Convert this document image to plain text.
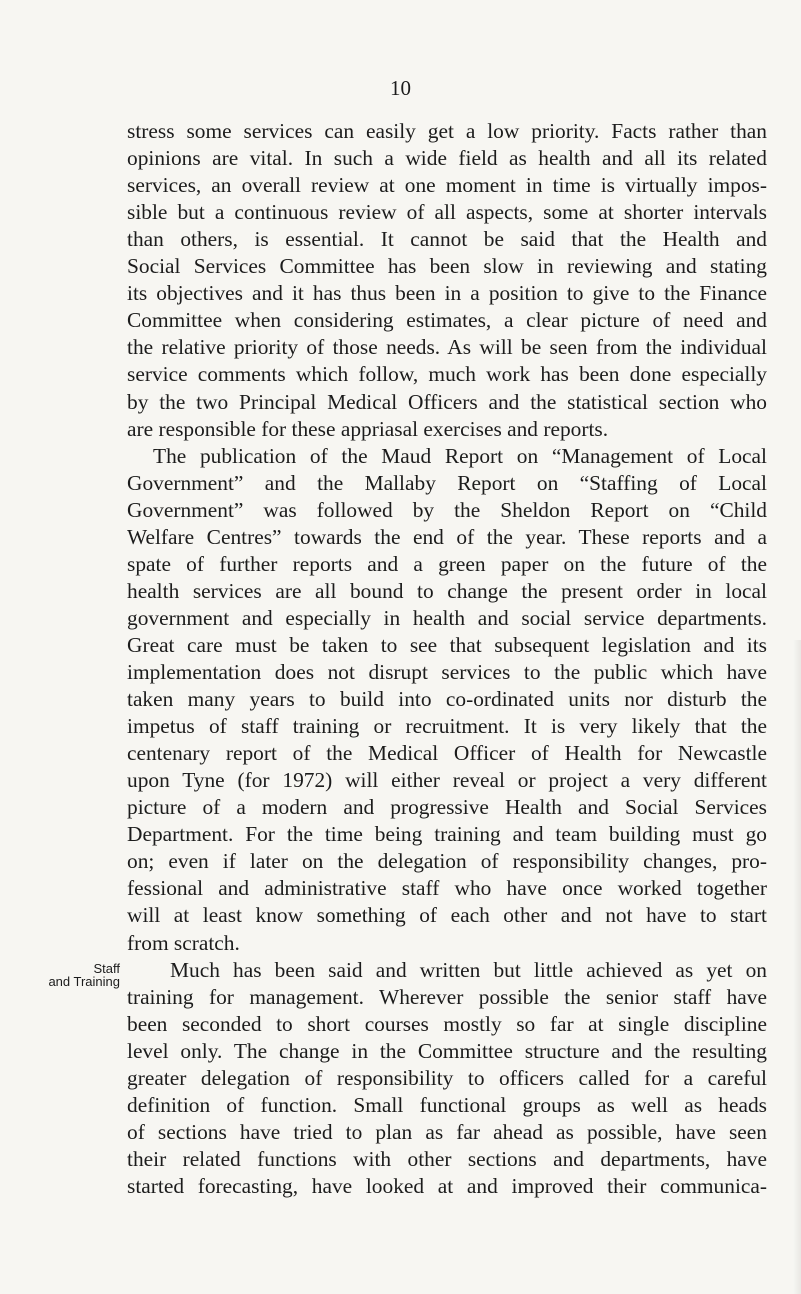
10
stress some services can easily get a low priority. Facts rather than
opinions are vital. In such a wide field as health and all its related
services, an overall review at one moment in time is virtually impos-
sible but a continuous review of all aspects, some at shorter intervals
than others, is essential. It cannot be said that the Health and
Social Services Committee has been slow in reviewing and stating
its objectives and it has thus been in a position to give to the Finance
Committee when considering estimates, a clear picture of need and
the relative priority of those needs. As will be seen from the individual
service comments which follow, much work has been done especially
by the two Principal Medical Officers and the statistical section who
are responsible for these appriasal exercises and reports.
The publication of the Maud Report on “Management of Local
Government” and the Mallaby Report on “Staffing of Local
Government” was followed by the Sheldon Report on “Child
Welfare Centres” towards the end of the year. These reports and a
spate of further reports and a green paper on the future of the
health services are all bound to change the present order in local
government and especially in health and social service departments.
Great care must be taken to see that subsequent legislation and its
implementation does not disrupt services to the public which have
taken many years to build into co-ordinated units nor disturb the
impetus of staff training or recruitment. It is very likely that the
centenary report of the Medical Officer of Health for Newcastle
upon Tyne (for 1972) will either reveal or project a very different
picture of a modern and progressive Health and Social Services
Department. For the time being training and team building must go
on; even if later on the delegation of responsibility changes, pro-
fessional and administrative staff who have once worked together
will at least know something of each other and not have to start
from scratch.
Much has been said and written but little achieved as yet on
training for management. Wherever possible the senior staff have
been seconded to short courses mostly so far at single discipline
level only. The change in the Committee structure and the resulting
greater delegation of responsibility to officers called for a careful
definition of function. Small functional groups as well as heads
of sections have tried to plan as far ahead as possible, have seen
their related functions with other sections and departments, have
started forecasting, have looked at and improved their communica-
Staff
and Training
